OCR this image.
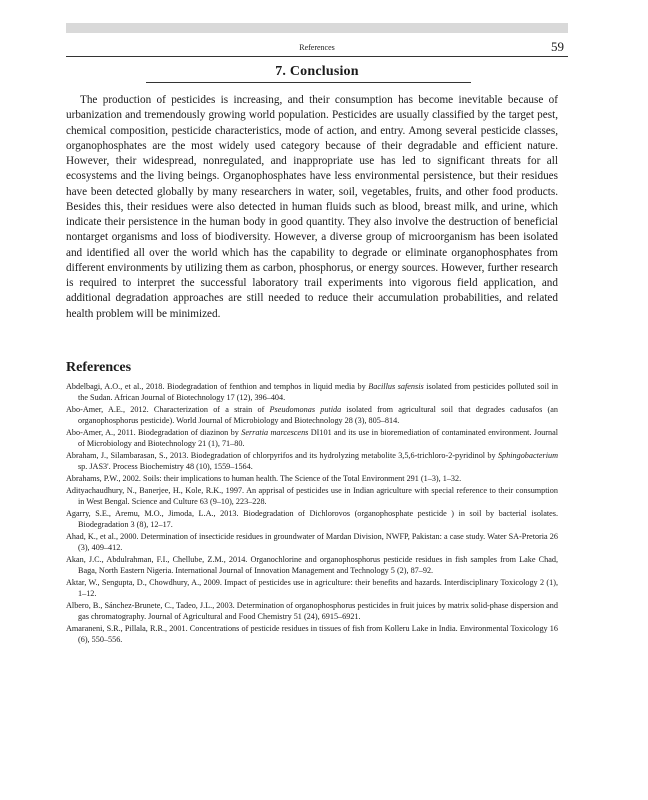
References	59
7. Conclusion

The production of pesticides is increasing, and their consumption has become inevitable because of urbanization and tremendously growing world population. Pesticides are usually classified by the target pest, chemical composition, pesticide characteristics, mode of action, and entry. Among several pesticide classes, organophosphates are the most widely used category because of their degradable and efficient nature. However, their widespread, nonregulated, and inappropriate use has led to significant threats for all ecosystems and the living beings. Organophosphates have less environmental persistence, but their residues have been detected globally by many researchers in water, soil, vegetables, fruits, and other food products. Besides this, their residues were also detected in human fluids such as blood, breast milk, and urine, which indicate their persistence in the human body in good quantity. They also involve the destruction of beneficial nontarget organisms and loss of biodiversity. However, a diverse group of microorganism has been isolated and identified all over the world which has the capability to degrade or eliminate organophosphates from different environments by utilizing them as carbon, phosphorus, or energy sources. However, further research is required to interpret the successful laboratory trail experiments into vigorous field application, and additional degradation approaches are still needed to reduce their accumulation probabilities, and related health problem will be minimized.

References
Abdelbagi, A.O., et al., 2018. Biodegradation of fenthion and temphos in liquid media by Bacillus safensis isolated from pesticides polluted soil in the Sudan. African Journal of Biotechnology 17 (12), 396–404.
Abo-Amer, A.E., 2012. Characterization of a strain of Pseudomonas putida isolated from agricultural soil that degrades cadusafos (an organophosphorus pesticide). World Journal of Microbiology and Biotechnology 28 (3), 805–814.
Abo-Amer, A., 2011. Biodegradation of diazinon by Serratia marcescens DI101 and its use in bioremediation of contaminated environment. Journal of Microbiology and Biotechnology 21 (1), 71–80.
Abraham, J., Silambarasan, S., 2013. Biodegradation of chlorpyrifos and its hydrolyzing metabolite 3,5,6-trichloro-2-pyridinol by Sphingobacterium sp. JAS3'. Process Biochemistry 48 (10), 1559–1564.
Abrahams, P.W., 2002. Soils: their implications to human health. The Science of the Total Environment 291 (1–3), 1–32.
Adityachaudhury, N., Banerjee, H., Kole, R.K., 1997. An apprisal of pesticides use in Indian agriculture with special reference to their consumption in West Bengal. Science and Culture 63 (9–10), 223–228.
Agarry, S.E., Aremu, M.O., Jimoda, L.A., 2013. Biodegradation of Dichlorovos (organophosphate pesticide ) in soil by bacterial isolates. Biodegradation 3 (8), 12–17.
Ahad, K., et al., 2000. Determination of insecticide residues in groundwater of Mardan Division, NWFP, Pakistan: a case study. Water SA-Pretoria 26 (3), 409–412.
Akan, J.C., Abdulrahman, F.I., Chellube, Z.M., 2014. Organochlorine and organophosphorus pesticide residues in fish samples from Lake Chad, Baga, North Eastern Nigeria. International Journal of Innovation Management and Technology 5 (2), 87–92.
Aktar, W., Sengupta, D., Chowdhury, A., 2009. Impact of pesticides use in agriculture: their benefits and hazards. Interdisciplinary Toxicology 2 (1), 1–12.
Albero, B., Sánchez-Brunete, C., Tadeo, J.L., 2003. Determination of organophosphorus pesticides in fruit juices by matrix solid-phase dispersion and gas chromatography. Journal of Agricultural and Food Chemistry 51 (24), 6915–6921.
Amaraneni, S.R., Pillala, R.R., 2001. Concentrations of pesticide residues in tissues of fish from Kolleru Lake in India. Environmental Toxicology 16 (6), 550–556.
